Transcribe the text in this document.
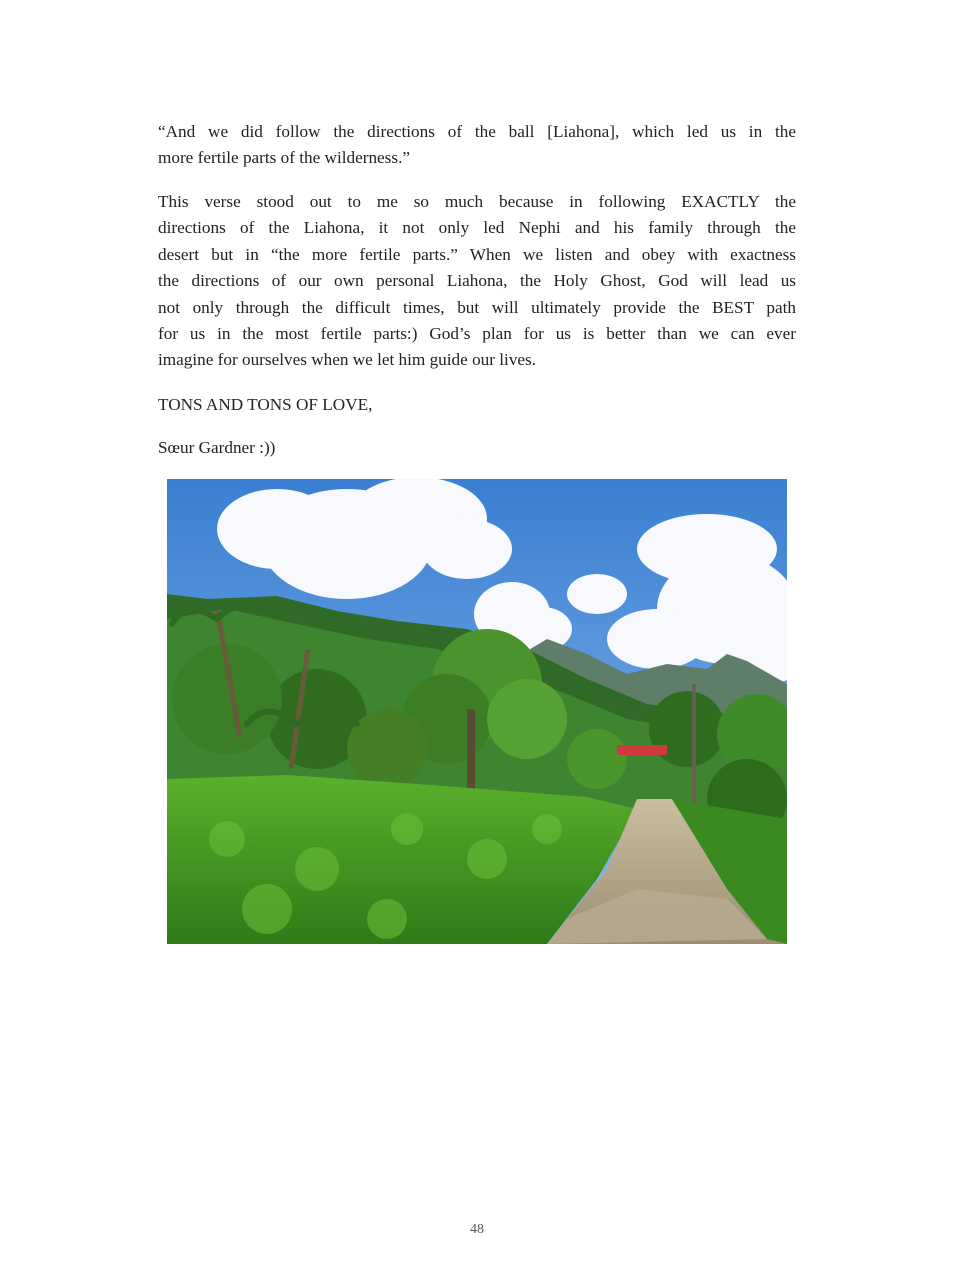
“And we did follow the directions of the ball [Liahona], which led us in the
more fertile parts of the wilderness.”
This verse stood out to me so much because in following EXACTLY the
directions of the Liahona, it not only led Nephi and his family through the
desert but in “the more fertile parts.” When we listen and obey with exactness
the directions of our own personal Liahona, the Holy Ghost, God will lead us
not only through the difficult times, but will ultimately provide the BEST path
for us in the most fertile parts:) God’s plan for us is better than we can ever
imagine for ourselves when we let him guide our lives.
TONS AND TONS OF LOVE,
Sœur Gardner :))
48
